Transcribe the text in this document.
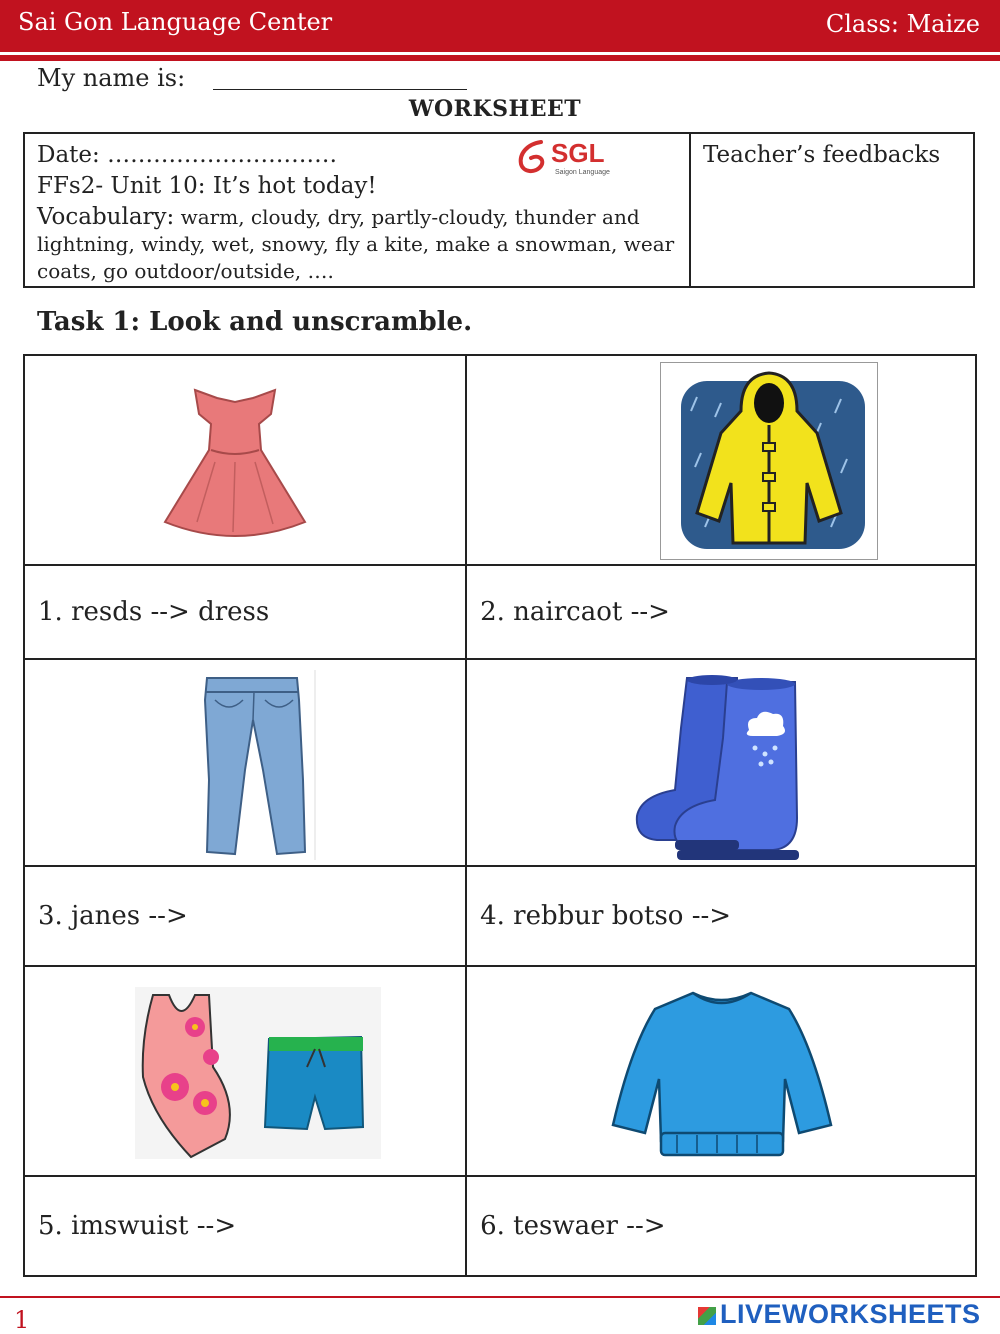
Sai Gon Language Center	Class: Maize
My name is:
WORKSHEET
Date: …………………………
FFs2- Unit 10: It’s hot today!
Vocabulary: warm, cloudy, dry, partly-cloudy, thunder and lightning, windy, wet, snowy, fly a kite, make a snowman, wear coats, go outdoor/outside, ….
SGL
Saigon Language
Teacher’s feedbacks
Task 1: Look and unscramble.

1. resds --> dress	2. naircaot -->

3. janes -->	4. rebbur botso -->

5. imswuist -->	6. teswaer -->
1	LIVEWORKSHEETS
